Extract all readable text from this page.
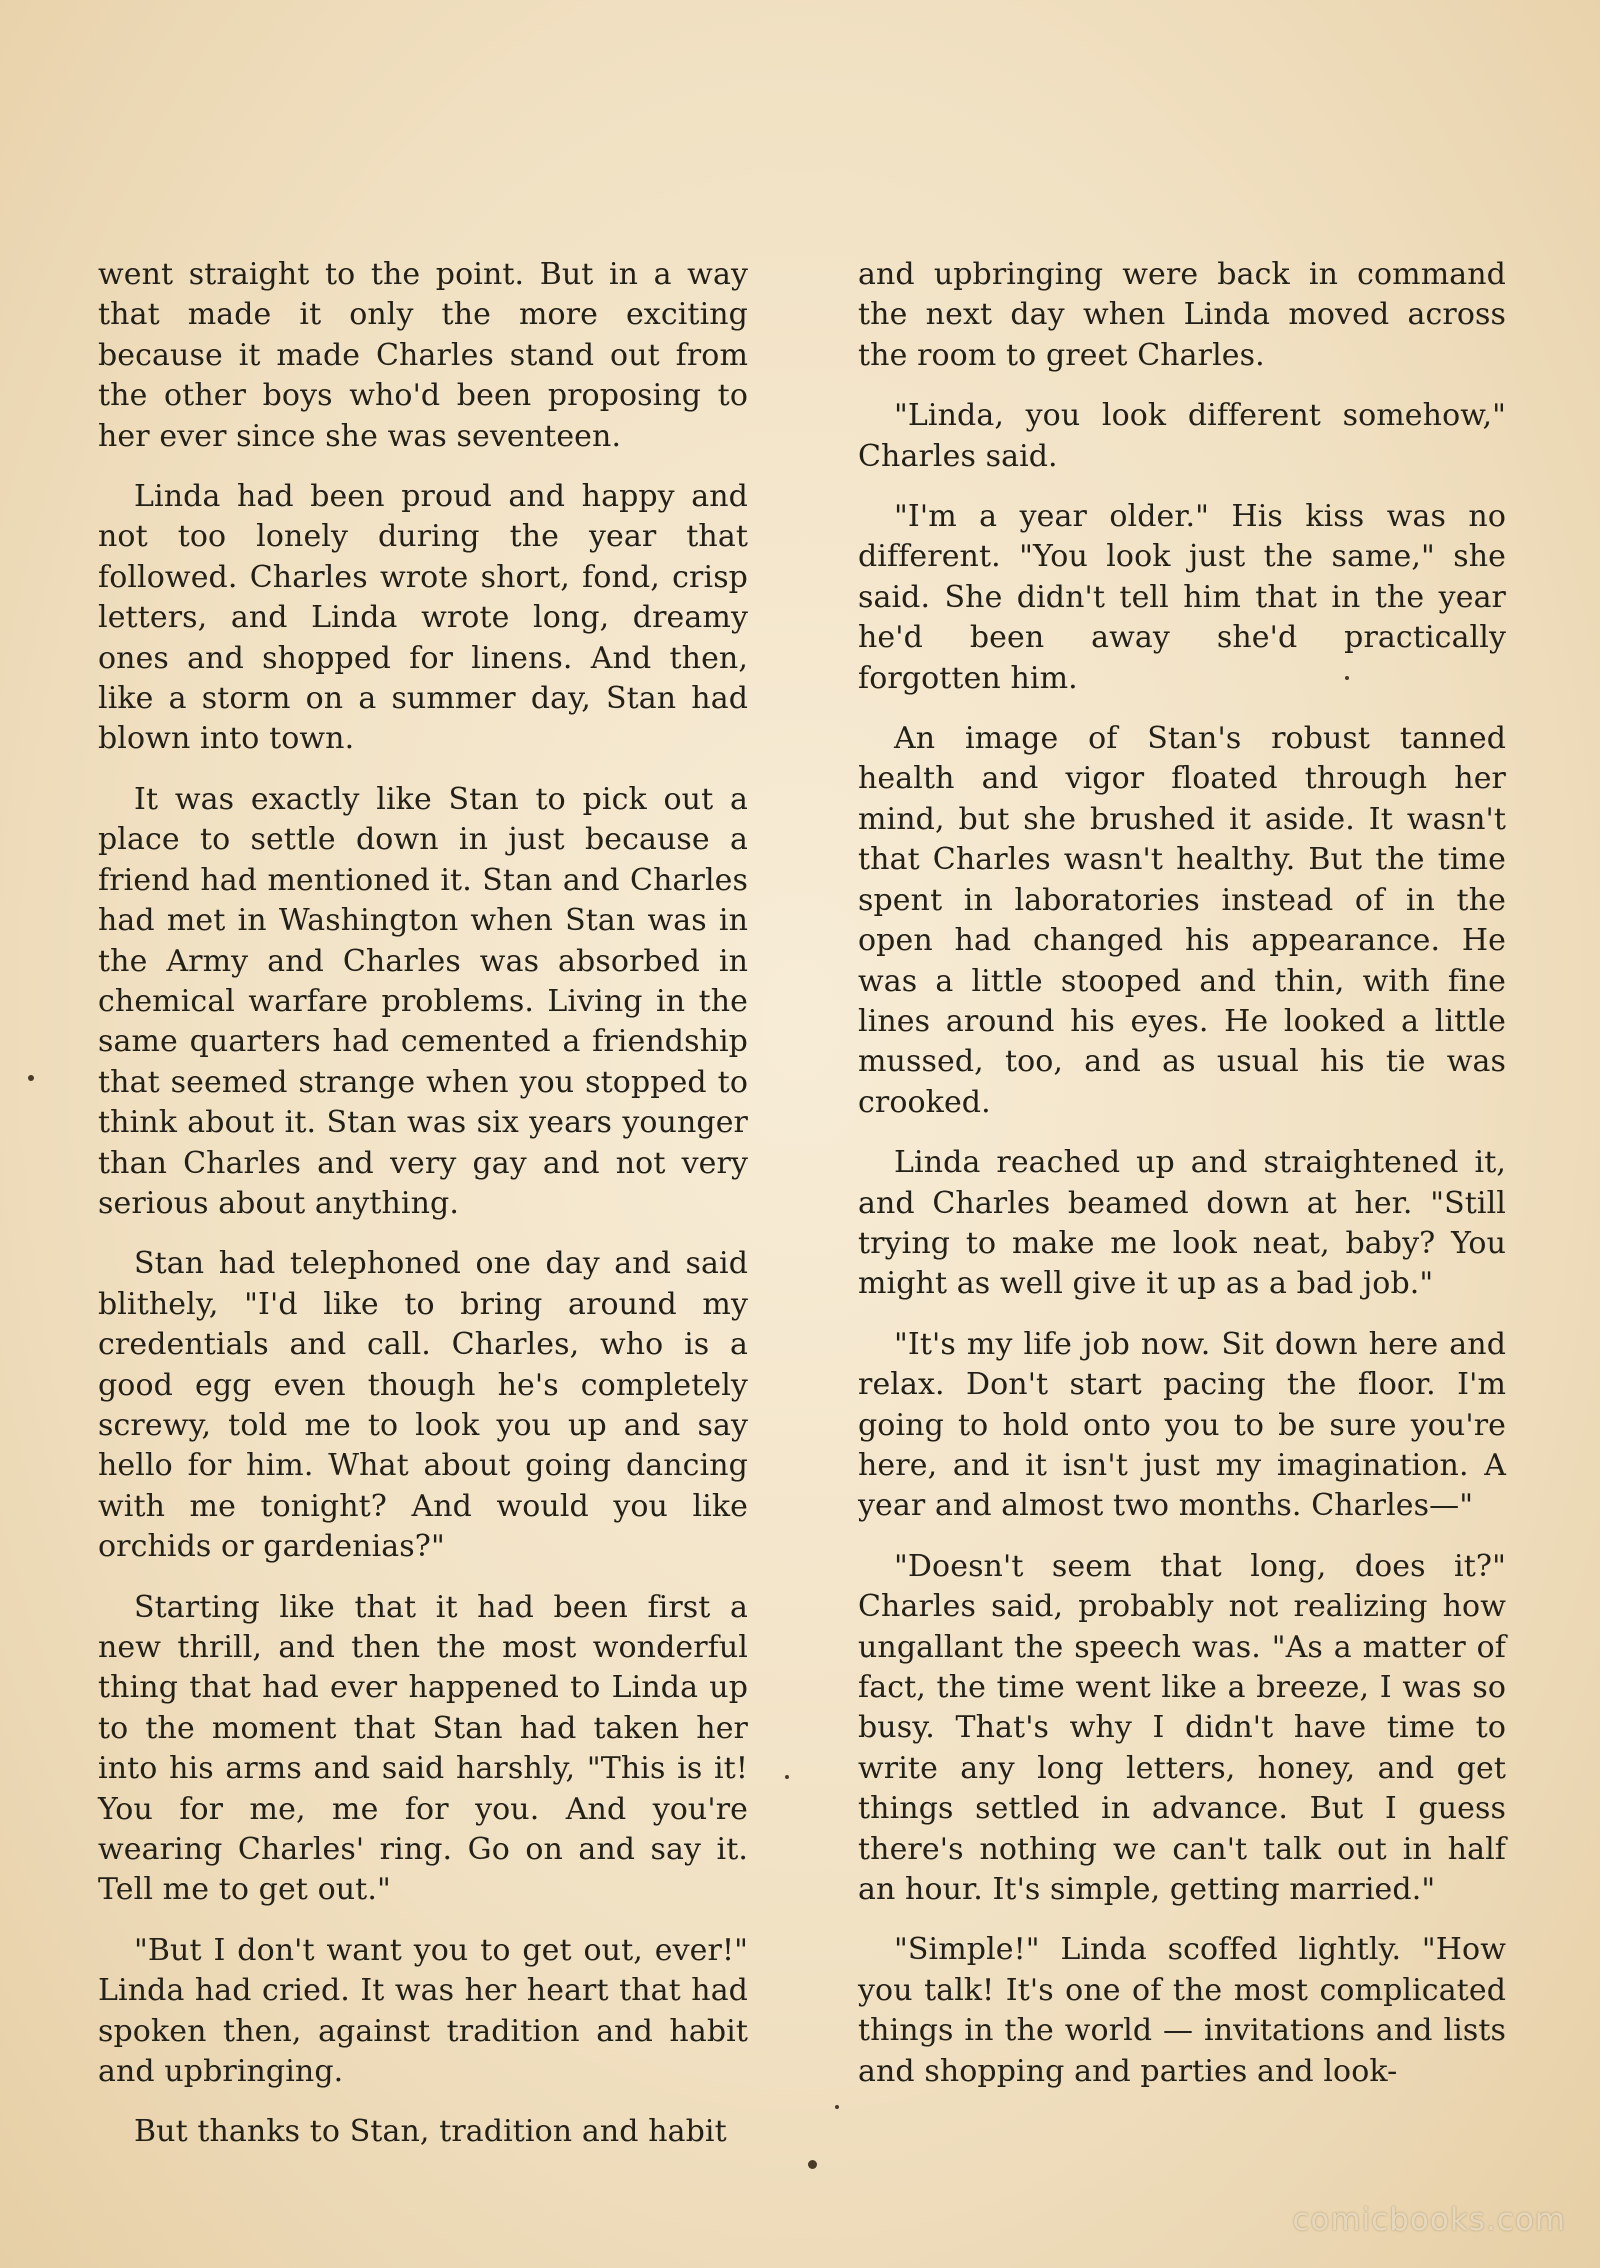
went straight to the point. But in a way that made it only the more exciting because it made Charles stand out from the other boys who'd been proposing to her ever since she was seventeen.

Linda had been proud and happy and not too lonely during the year that followed. Charles wrote short, fond, crisp letters, and Linda wrote long, dreamy ones and shopped for linens. And then, like a storm on a summer day, Stan had blown into town.

It was exactly like Stan to pick out a place to settle down in just because a friend had mentioned it. Stan and Charles had met in Washington when Stan was in the Army and Charles was absorbed in chemical warfare problems. Living in the same quarters had cemented a friendship that seemed strange when you stopped to think about it. Stan was six years younger than Charles and very gay and not very serious about anything.

Stan had telephoned one day and said blithely, "I'd like to bring around my credentials and call. Charles, who is a good egg even though he's completely screwy, told me to look you up and say hello for him. What about going dancing with me tonight? And would you like orchids or gardenias?"

Starting like that it had been first a new thrill, and then the most wonderful thing that had ever happened to Linda up to the moment that Stan had taken her into his arms and said harshly, "This is it! You for me, me for you. And you're wearing Charles' ring. Go on and say it. Tell me to get out."

"But I don't want you to get out, ever!" Linda had cried. It was her heart that had spoken then, against tradition and habit and upbringing.

But thanks to Stan, tradition and habit

and upbringing were back in command the next day when Linda moved across the room to greet Charles.

"Linda, you look different somehow," Charles said.

"I'm a year older." His kiss was no different. "You look just the same," she said. She didn't tell him that in the year he'd been away she'd practically forgotten him.

An image of Stan's robust tanned health and vigor floated through her mind, but she brushed it aside. It wasn't that Charles wasn't healthy. But the time spent in laboratories instead of in the open had changed his appearance. He was a little stooped and thin, with fine lines around his eyes. He looked a little mussed, too, and as usual his tie was crooked.

Linda reached up and straightened it, and Charles beamed down at her. "Still trying to make me look neat, baby? You might as well give it up as a bad job."

"It's my life job now. Sit down here and relax. Don't start pacing the floor. I'm going to hold onto you to be sure you're here, and it isn't just my imagination. A year and almost two months. Charles—"

"Doesn't seem that long, does it?" Charles said, probably not realizing how ungallant the speech was. "As a matter of fact, the time went like a breeze, I was so busy. That's why I didn't have time to write any long letters, honey, and get things settled in advance. But I guess there's nothing we can't talk out in half an hour. It's simple, getting married."

"Simple!" Linda scoffed lightly. "How you talk! It's one of the most complicated things in the world — invitations and lists and shopping and parties and look-

comicbooks.com
